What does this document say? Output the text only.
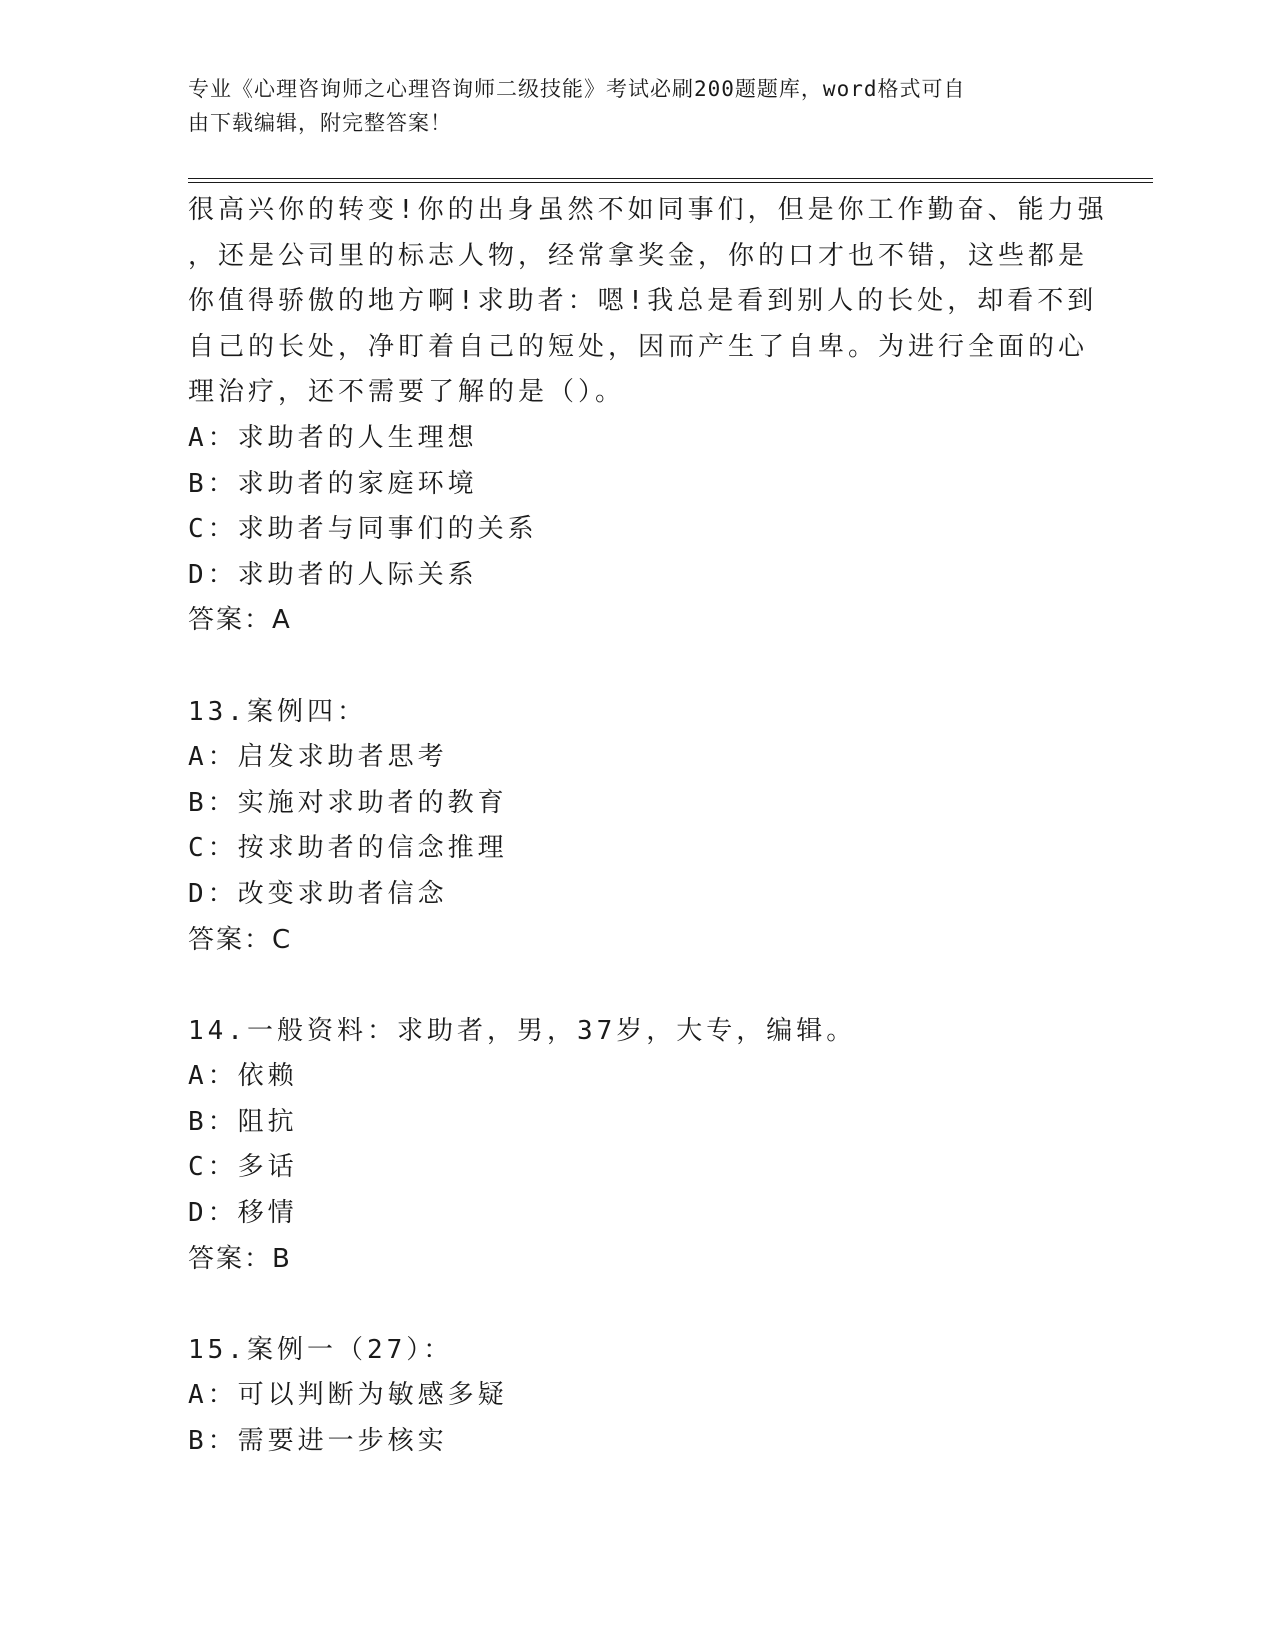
专业《心理咨询师之心理咨询师二级技能》考试必刷200题题库，word格式可自
由下载编辑，附完整答案！
很高兴你的转变!你的出身虽然不如同事们，但是你工作勤奋、能力强
，还是公司里的标志人物，经常拿奖金，你的口才也不错，这些都是
你值得骄傲的地方啊!求助者：嗯!我总是看到别人的长处，却看不到
自己的长处，净盯着自己的短处，因而产生了自卑。为进行全面的心
理治疗，还不需要了解的是（）。
A：求助者的人生理想
B：求助者的家庭环境
C：求助者与同事们的关系
D：求助者的人际关系
答案：A
13.案例四：
A：启发求助者思考
B：实施对求助者的教育
C：按求助者的信念推理
D：改变求助者信念
答案：C
14.一般资料：求助者，男，37岁，大专，编辑。
A：依赖
B：阻抗
C：多话
D：移情
答案：B
15.案例一（27）：
A：可以判断为敏感多疑
B：需要进一步核实
